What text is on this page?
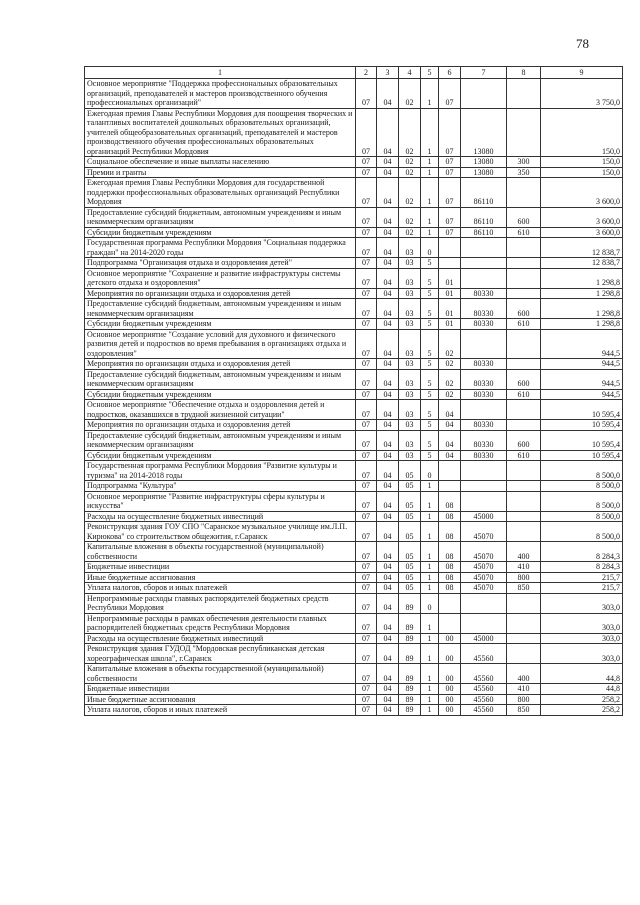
78
1	2	3	4	5	6	7	8	9
Основное мероприятие "Поддержка профессиональных образовательных организаций, преподавателей и мастеров производственного обучения профессиональных организаций"	07	04	02	1	07			3 750,0
Ежегодная премия Главы Республики Мордовия для поощрения творческих и талантливых воспитателей дошкольных образовательных организаций, учителей общеобразовательных организаций, преподавателей и мастеров производственного обучения профессиональных образовательных организаций Республики Мордовия	07	04	02	1	07	13080		150,0
Социальное обеспечение и иные выплаты населению	07	04	02	1	07	13080	300	150,0
Премии и гранты	07	04	02	1	07	13080	350	150,0
Ежегодная премия Главы Республики Мордовия для государственной поддержки профессиональных образовательных организаций Республики Мордовия	07	04	02	1	07	86110		3 600,0
Предоставление субсидий бюджетным, автономным учреждениям и иным некоммерческим организациям	07	04	02	1	07	86110	600	3 600,0
Субсидии бюджетным учреждениям	07	04	02	1	07	86110	610	3 600,0
Государственная программа Республики Мордовия "Социальная поддержка граждан" на 2014-2020 годы	07	04	03	0				12 838,7
Подпрограмма "Организация отдыха и оздоровления детей"	07	04	03	5				12 838,7
Основное мероприятие "Сохранение и развитие инфраструктуры системы детского отдыха и оздоровления"	07	04	03	5	01			1 298,8
Мероприятия по организации отдыха и оздоровления детей	07	04	03	5	01	80330		1 298,8
Предоставление субсидий бюджетным, автономным учреждениям и иным некоммерческим организациям	07	04	03	5	01	80330	600	1 298,8
Субсидии бюджетным учреждениям	07	04	03	5	01	80330	610	1 298,8
Основное мероприятие "Создание условий для духовного и физического развития детей и подростков во время пребывания в организациях отдыха и оздоровления"	07	04	03	5	02			944,5
Мероприятия по организации отдыха и оздоровления детей	07	04	03	5	02	80330		944,5
Предоставление субсидий бюджетным, автономным учреждениям и иным некоммерческим организациям	07	04	03	5	02	80330	600	944,5
Субсидии бюджетным учреждениям	07	04	03	5	02	80330	610	944,5
Основное мероприятие "Обеспечение отдыха и оздоровления детей и подростков, оказавшихся в трудной жизненной ситуации"	07	04	03	5	04			10 595,4
Мероприятия по организации отдыха и оздоровления детей	07	04	03	5	04	80330		10 595,4
Предоставление субсидий бюджетным, автономным учреждениям и иным некоммерческим организациям	07	04	03	5	04	80330	600	10 595,4
Субсидии бюджетным учреждениям	07	04	03	5	04	80330	610	10 595,4
Государственная программа Республики Мордовия "Развитие культуры и туризма" на 2014-2018 годы	07	04	05	0				8 500,0
Подпрограмма "Культура"	07	04	05	1				8 500,0
Основное мероприятие "Развитие инфраструктуры сферы культуры и искусства"	07	04	05	1	08			8 500,0
Расходы на осуществление бюджетных инвестиций	07	04	05	1	08	45000		8 500,0
Реконструкция здания ГОУ СПО "Саранское музыкальное училище им.Л.П. Кирюкова" со строительством общежития, г.Саранск	07	04	05	1	08	45070		8 500,0
Капитальные вложения в объекты государственной (муниципальной) собственности	07	04	05	1	08	45070	400	8 284,3
Бюджетные инвестиции	07	04	05	1	08	45070	410	8 284,3
Иные бюджетные ассигнования	07	04	05	1	08	45070	800	215,7
Уплата налогов, сборов и иных платежей	07	04	05	1	08	45070	850	215,7
Непрограммные расходы главных распорядителей бюджетных средств Республики Мордовия	07	04	89	0				303,0
Непрограммные расходы в рамках обеспечения деятельности главных распорядителей бюджетных средств Республики Мордовия	07	04	89	1				303,0
Расходы на осуществление бюджетных инвестиций	07	04	89	1	00	45000		303,0
Реконструкция здания ГУДОД "Мордовская республиканская детская хореографическая школа", г.Саранск	07	04	89	1	00	45560		303,0
Капитальные вложения в объекты государственной (муниципальной) собственности	07	04	89	1	00	45560	400	44,8
Бюджетные инвестиции	07	04	89	1	00	45560	410	44,8
Иные бюджетные ассигнования	07	04	89	1	00	45560	800	258,2
Уплата налогов, сборов и иных платежей	07	04	89	1	00	45560	850	258,2
